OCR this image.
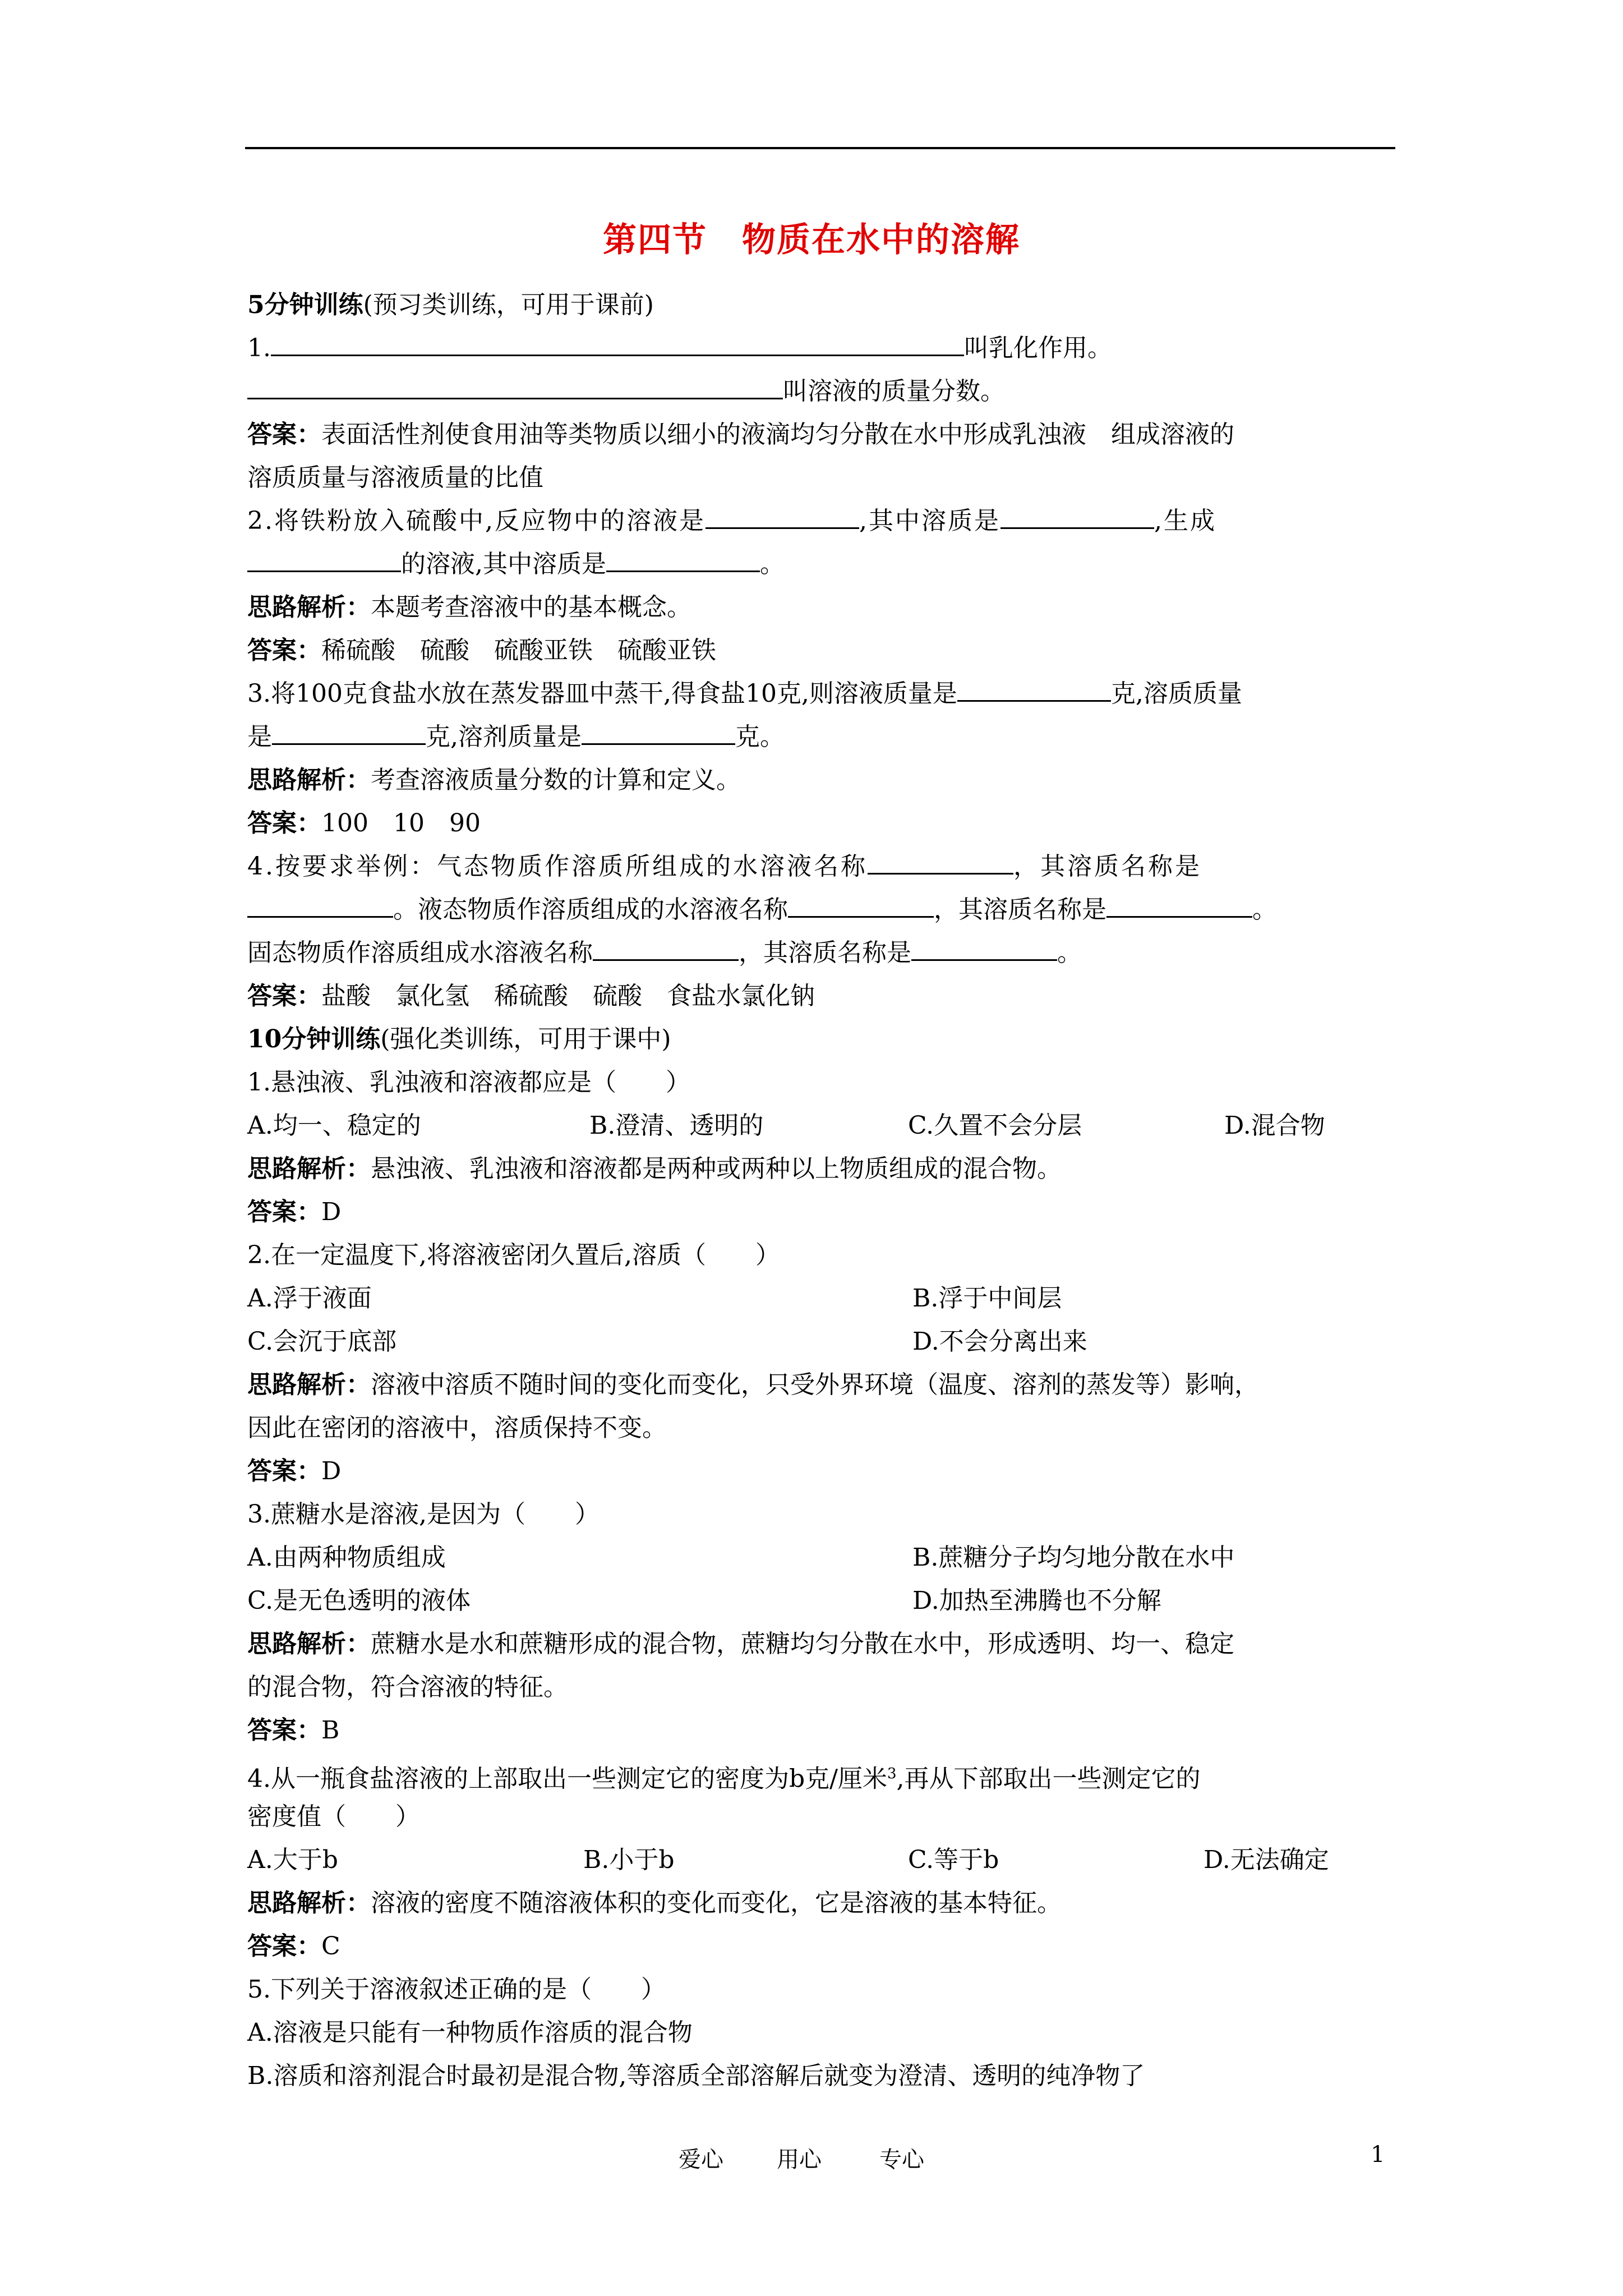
第四节　物质在水中的溶解
5分钟训练(预习类训练，可用于课前)
1.	叫乳化作用。
叫溶液的质量分数。
答案：表面活性剂使食用油等类物质以细小的液滴均匀分散在水中形成乳浊液　组成溶液的
溶质质量与溶液质量的比值
2.将铁粉放入硫酸中,反应物中的溶液是	,其中溶质是	,生成
的溶液,其中溶质是	。
思路解析：本题考查溶液中的基本概念。
答案：稀硫酸　硫酸　硫酸亚铁　硫酸亚铁
3.将100克食盐水放在蒸发器皿中蒸干,得食盐10克,则溶液质量是	克,溶质质量
是	克,溶剂质量是	克。
思路解析：考查溶液质量分数的计算和定义。
答案：100　10　90
4.按要求举例：气态物质作溶质所组成的水溶液名称	，其溶质名称是
。液态物质作溶质组成的水溶液名称	，其溶质名称是	。
固态物质作溶质组成水溶液名称	，其溶质名称是	。
答案：盐酸　氯化氢　稀硫酸　硫酸　食盐水氯化钠
10分钟训练(强化类训练，可用于课中)
1.悬浊液、乳浊液和溶液都应是（　　）
A.均一、稳定的	B.澄清、透明的	C.久置不会分层	D.混合物
思路解析：悬浊液、乳浊液和溶液都是两种或两种以上物质组成的混合物。
答案：D
2.在一定温度下,将溶液密闭久置后,溶质（　　）
A.浮于液面	B.浮于中间层
C.会沉于底部	D.不会分离出来
思路解析：溶液中溶质不随时间的变化而变化，只受外界环境（温度、溶剂的蒸发等）影响，
因此在密闭的溶液中，溶质保持不变。
答案：D
3.蔗糖水是溶液,是因为（　　）
A.由两种物质组成	B.蔗糖分子均匀地分散在水中
C.是无色透明的液体	D.加热至沸腾也不分解
思路解析：蔗糖水是水和蔗糖形成的混合物，蔗糖均匀分散在水中，形成透明、均一、稳定
的混合物，符合溶液的特征。
答案：B
4.从一瓶食盐溶液的上部取出一些测定它的密度为b克/厘米$^3$,再从下部取出一些测定它的
密度值（　　）
A.大于b	B.小于b	C.等于b	D.无法确定
思路解析：溶液的密度不随溶液体积的变化而变化，它是溶液的基本特征。
答案：C
5.下列关于溶液叙述正确的是（　　）
A.溶液是只能有一种物质作溶质的混合物
B.溶质和溶剂混合时最初是混合物,等溶质全部溶解后就变为澄清、透明的纯净物了
爱心 用心	专心	1
